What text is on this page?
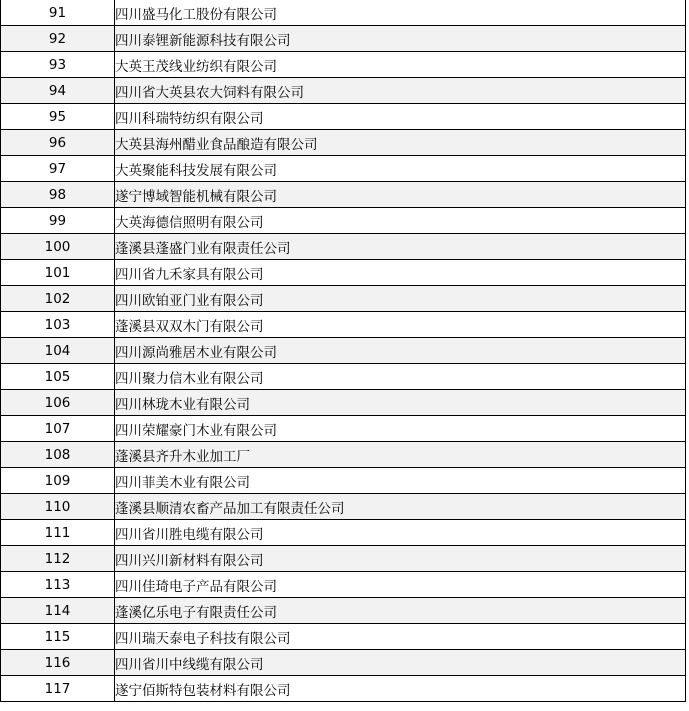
91	四川盛马化工股份有限公司
92	四川泰锂新能源科技有限公司
93	大英王茂线业纺织有限公司
94	四川省大英县农大饲料有限公司
95	四川科瑞特纺织有限公司
96	大英县海州醋业食品酿造有限公司
97	大英聚能科技发展有限公司
98	遂宁博域智能机械有限公司
99	大英海德信照明有限公司
100	蓬溪县蓬盛门业有限责任公司
101	四川省九禾家具有限公司
102	四川欧铂亚门业有限公司
103	蓬溪县双双木门有限公司
104	四川源尚雅居木业有限公司
105	四川聚力信木业有限公司
106	四川林珑木业有限公司
107	四川荣耀豪门木业有限公司
108	蓬溪县齐升木业加工厂
109	四川菲美木业有限公司
110	蓬溪县顺清农畜产品加工有限责任公司
111	四川省川胜电缆有限公司
112	四川兴川新材料有限公司
113	四川佳琦电子产品有限公司
114	蓬溪亿乐电子有限责任公司
115	四川瑞天泰电子科技有限公司
116	四川省川中线缆有限公司
117	遂宁佰斯特包装材料有限公司
